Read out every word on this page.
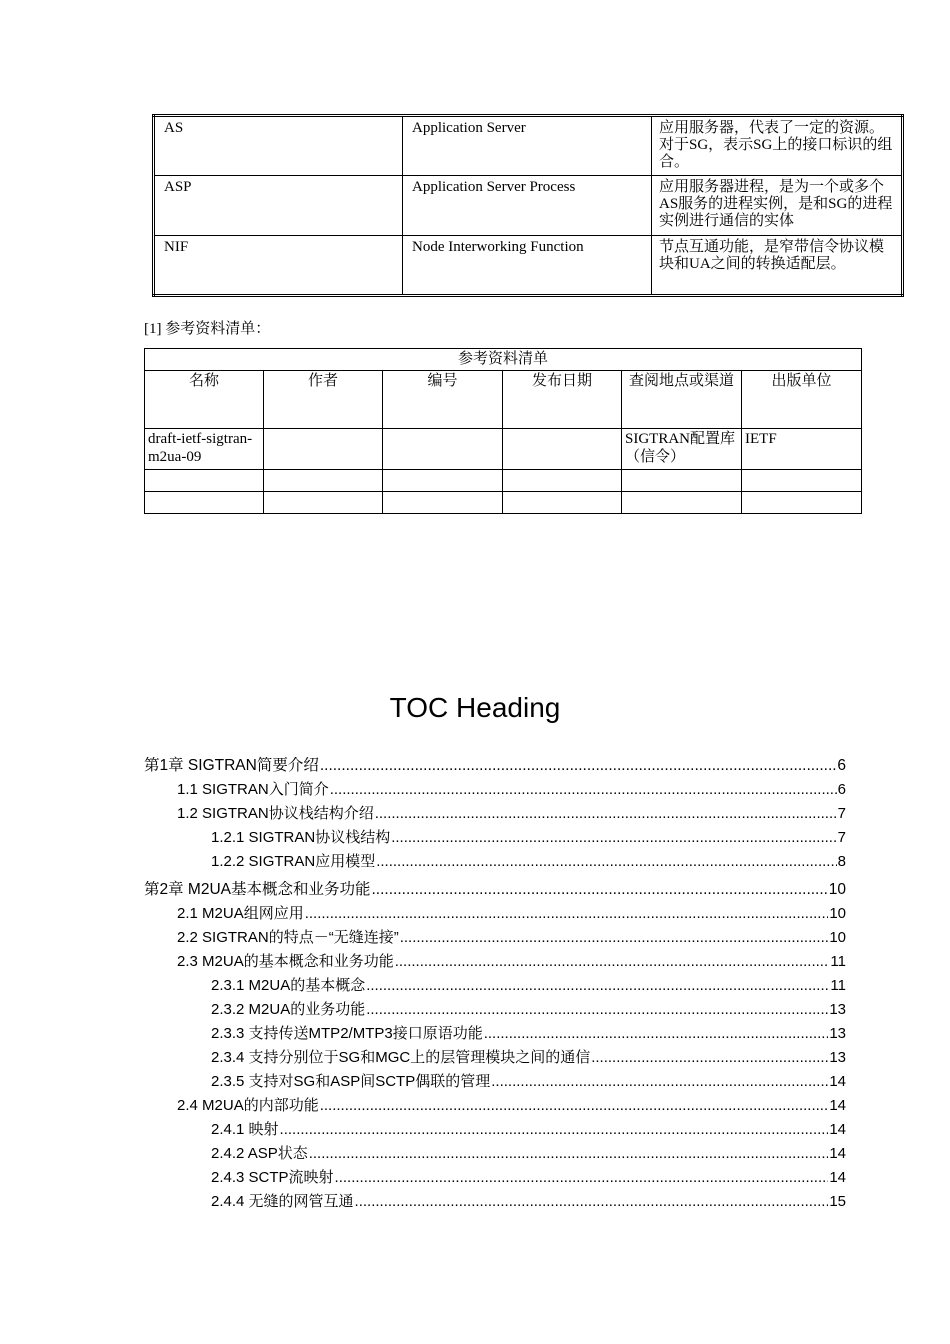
AS	Application Server	应用服务器，代表了一定的资源。对于SG，表示SG上的接口标识的组合。
ASP	Application Server Process	应用服务器进程，是为一个或多个AS服务的进程实例，是和SG的进程实例进行通信的实体
NIF	Node Interworking Function	节点互通功能，是窄带信令协议模块和UA之间的转换适配层。
[1] 参考资料清单：
参考资料清单					
名称	作者	编号	发布日期	查阅地点或渠道	出版单位
draft-ietf-sigtran-m2ua-09				SIGTRAN配置库（信令）	IETF

TOC Heading
第1章 SIGTRAN简要介绍 .....	6
1.1 SIGTRAN入门简介 .....	6
1.2 SIGTRAN协议栈结构介绍 .....	7
1.2.1 SIGTRAN协议栈结构 .....	7
1.2.2 SIGTRAN应用模型 .....	8
第2章 M2UA基本概念和业务功能 .....	10
2.1 M2UA组网应用 .....	10
2.2 SIGTRAN的特点－“无缝连接” .....	10
2.3 M2UA的基本概念和业务功能 .....	11
2.3.1 M2UA的基本概念 .....	11
2.3.2 M2UA的业务功能 .....	13
2.3.3 支持传送MTP2/MTP3接口原语功能 .....	13
2.3.4 支持分别位于SG和MGC上的层管理模块之间的通信 .....	13
2.3.5 支持对SG和ASP间SCTP偶联的管理 .....	14
2.4 M2UA的内部功能 .....	14
2.4.1 映射 .....	14
2.4.2 ASP状态 .....	14
2.4.3 SCTP流映射 .....	14
2.4.4 无缝的网管互通 .....	15
